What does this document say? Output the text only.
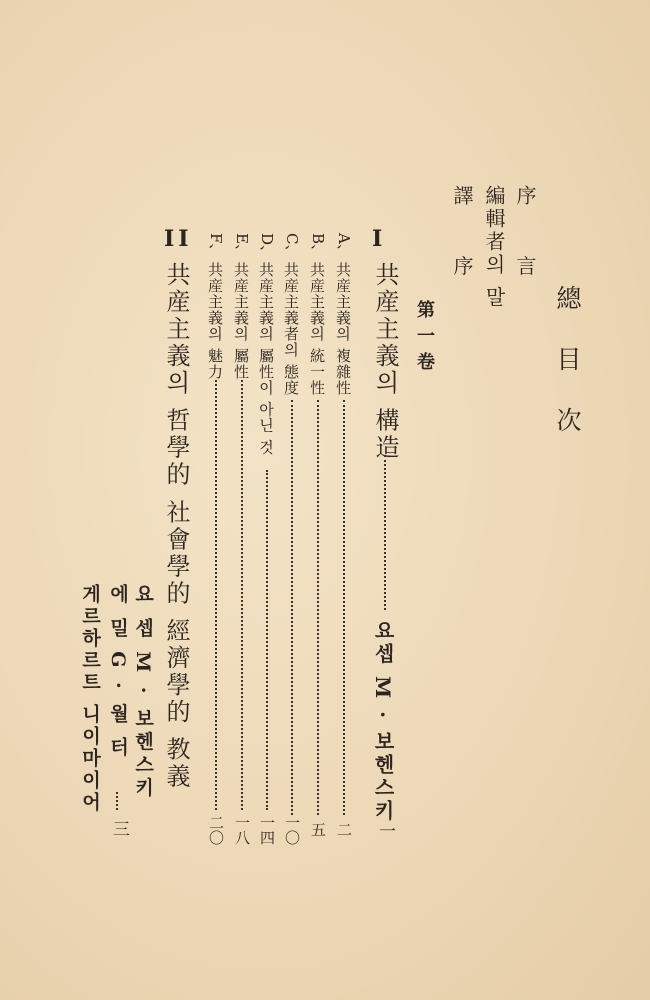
總 目 次
序 言
編輯者의 말
譯 序
第一卷
I
共産主義의 構造
요셉 M · 보헨스키
一
A、
共産主義의 複雜性
二
B、
共産主義의 統一性
五
C、
共産主義者의 態度
一〇
D、
共産主義의 屬性이 아닌 것
一四
E、
共産主義의 屬性
一八
F、
共産主義의 魅力
二〇
II
共産主義의 哲學的 社會學的 經濟學的 教義
요 셉 M · 보헨스키
에 밀 G · 월 터
三
게르하르트 니이마이어
